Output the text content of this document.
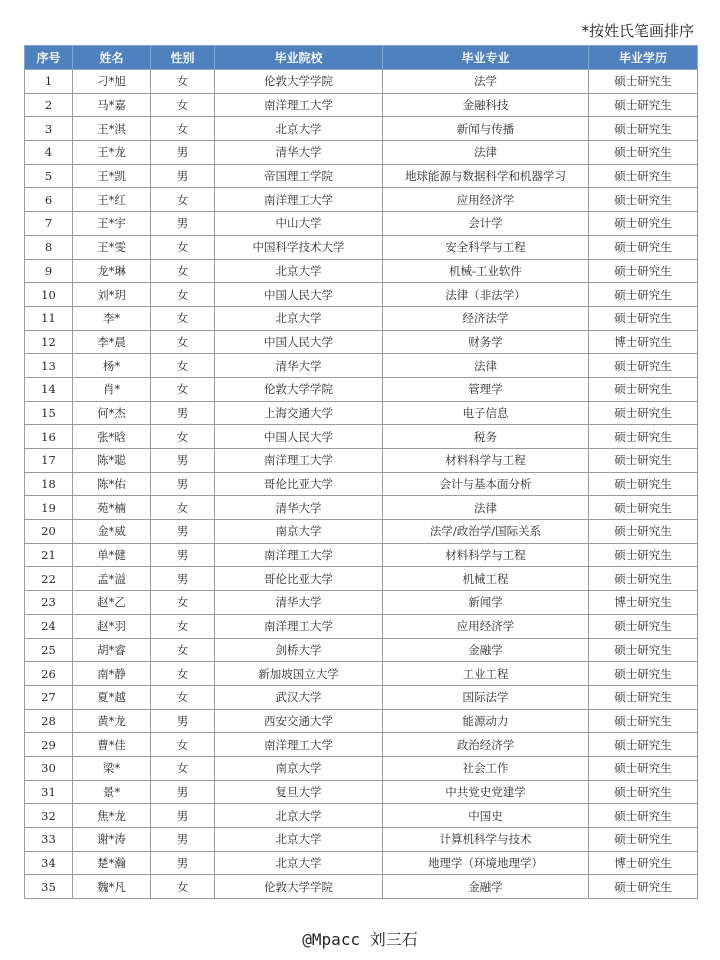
*按姓氏笔画排序
序号	姓名	性别	毕业院校	毕业专业	毕业学历
1	刁*旭	女	伦敦大学学院	法学	硕士研究生
2	马*嘉	女	南洋理工大学	金融科技	硕士研究生
3	王*淇	女	北京大学	新闻与传播	硕士研究生
4	王*龙	男	清华大学	法律	硕士研究生
5	王*凯	男	帝国理工学院	地球能源与数据科学和机器学习	硕士研究生
6	王*红	女	南洋理工大学	应用经济学	硕士研究生
7	王*宇	男	中山大学	会计学	硕士研究生
8	王*雯	女	中国科学技术大学	安全科学与工程	硕士研究生
9	龙*琳	女	北京大学	机械-工业软件	硕士研究生
10	刘*玥	女	中国人民大学	法律（非法学）	硕士研究生
11	李*	女	北京大学	经济法学	硕士研究生
12	李*晨	女	中国人民大学	财务学	博士研究生
13	杨*	女	清华大学	法律	硕士研究生
14	肖*	女	伦敦大学学院	管理学	硕士研究生
15	何*杰	男	上海交通大学	电子信息	硕士研究生
16	张*晗	女	中国人民大学	税务	硕士研究生
17	陈*聪	男	南洋理工大学	材料科学与工程	硕士研究生
18	陈*佑	男	哥伦比亚大学	会计与基本面分析	硕士研究生
19	苑*楠	女	清华大学	法律	硕士研究生
20	金*威	男	南京大学	法学/政治学/国际关系	硕士研究生
21	单*健	男	南洋理工大学	材料科学与工程	硕士研究生
22	孟*溢	男	哥伦比亚大学	机械工程	硕士研究生
23	赵*乙	女	清华大学	新闻学	博士研究生
24	赵*羽	女	南洋理工大学	应用经济学	硕士研究生
25	胡*睿	女	剑桥大学	金融学	硕士研究生
26	南*静	女	新加坡国立大学	工业工程	硕士研究生
27	夏*越	女	武汉大学	国际法学	硕士研究生
28	黄*龙	男	西安交通大学	能源动力	硕士研究生
29	曹*佳	女	南洋理工大学	政治经济学	硕士研究生
30	梁*	女	南京大学	社会工作	硕士研究生
31	景*	男	复旦大学	中共党史党建学	硕士研究生
32	焦*龙	男	北京大学	中国史	硕士研究生
33	谢*涛	男	北京大学	计算机科学与技术	硕士研究生
34	楚*瀚	男	北京大学	地理学（环境地理学）	博士研究生
35	魏*凡	女	伦敦大学学院	金融学	硕士研究生
@Mpacc 刘三石
